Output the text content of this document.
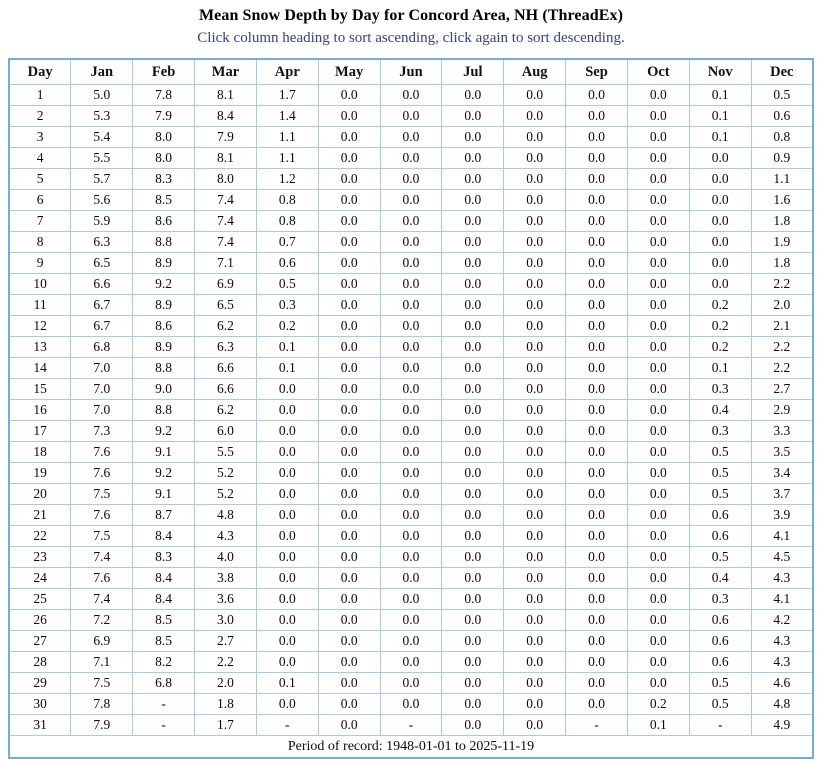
Mean Snow Depth by Day for Concord Area, NH (ThreadEx)
Click column heading to sort ascending, click again to sort descending.
Day	Jan	Feb	Mar	Apr	May	Jun	Jul	Aug	Sep	Oct	Nov	Dec
1	5.0	7.8	8.1	1.7	0.0	0.0	0.0	0.0	0.0	0.0	0.1	0.5
2	5.3	7.9	8.4	1.4	0.0	0.0	0.0	0.0	0.0	0.0	0.1	0.6
3	5.4	8.0	7.9	1.1	0.0	0.0	0.0	0.0	0.0	0.0	0.1	0.8
4	5.5	8.0	8.1	1.1	0.0	0.0	0.0	0.0	0.0	0.0	0.0	0.9
5	5.7	8.3	8.0	1.2	0.0	0.0	0.0	0.0	0.0	0.0	0.0	1.1
6	5.6	8.5	7.4	0.8	0.0	0.0	0.0	0.0	0.0	0.0	0.0	1.6
7	5.9	8.6	7.4	0.8	0.0	0.0	0.0	0.0	0.0	0.0	0.0	1.8
8	6.3	8.8	7.4	0.7	0.0	0.0	0.0	0.0	0.0	0.0	0.0	1.9
9	6.5	8.9	7.1	0.6	0.0	0.0	0.0	0.0	0.0	0.0	0.0	1.8
10	6.6	9.2	6.9	0.5	0.0	0.0	0.0	0.0	0.0	0.0	0.0	2.2
11	6.7	8.9	6.5	0.3	0.0	0.0	0.0	0.0	0.0	0.0	0.2	2.0
12	6.7	8.6	6.2	0.2	0.0	0.0	0.0	0.0	0.0	0.0	0.2	2.1
13	6.8	8.9	6.3	0.1	0.0	0.0	0.0	0.0	0.0	0.0	0.2	2.2
14	7.0	8.8	6.6	0.1	0.0	0.0	0.0	0.0	0.0	0.0	0.1	2.2
15	7.0	9.0	6.6	0.0	0.0	0.0	0.0	0.0	0.0	0.0	0.3	2.7
16	7.0	8.8	6.2	0.0	0.0	0.0	0.0	0.0	0.0	0.0	0.4	2.9
17	7.3	9.2	6.0	0.0	0.0	0.0	0.0	0.0	0.0	0.0	0.3	3.3
18	7.6	9.1	5.5	0.0	0.0	0.0	0.0	0.0	0.0	0.0	0.5	3.5
19	7.6	9.2	5.2	0.0	0.0	0.0	0.0	0.0	0.0	0.0	0.5	3.4
20	7.5	9.1	5.2	0.0	0.0	0.0	0.0	0.0	0.0	0.0	0.5	3.7
21	7.6	8.7	4.8	0.0	0.0	0.0	0.0	0.0	0.0	0.0	0.6	3.9
22	7.5	8.4	4.3	0.0	0.0	0.0	0.0	0.0	0.0	0.0	0.6	4.1
23	7.4	8.3	4.0	0.0	0.0	0.0	0.0	0.0	0.0	0.0	0.5	4.5
24	7.6	8.4	3.8	0.0	0.0	0.0	0.0	0.0	0.0	0.0	0.4	4.3
25	7.4	8.4	3.6	0.0	0.0	0.0	0.0	0.0	0.0	0.0	0.3	4.1
26	7.2	8.5	3.0	0.0	0.0	0.0	0.0	0.0	0.0	0.0	0.6	4.2
27	6.9	8.5	2.7	0.0	0.0	0.0	0.0	0.0	0.0	0.0	0.6	4.3
28	7.1	8.2	2.2	0.0	0.0	0.0	0.0	0.0	0.0	0.0	0.6	4.3
29	7.5	6.8	2.0	0.1	0.0	0.0	0.0	0.0	0.0	0.0	0.5	4.6
30	7.8	-	1.8	0.0	0.0	0.0	0.0	0.0	0.0	0.2	0.5	4.8
31	7.9	-	1.7	-	0.0	-	0.0	0.0	-	0.1	-	4.9
Period of record: 1948-01-01 to 2025-11-19												
